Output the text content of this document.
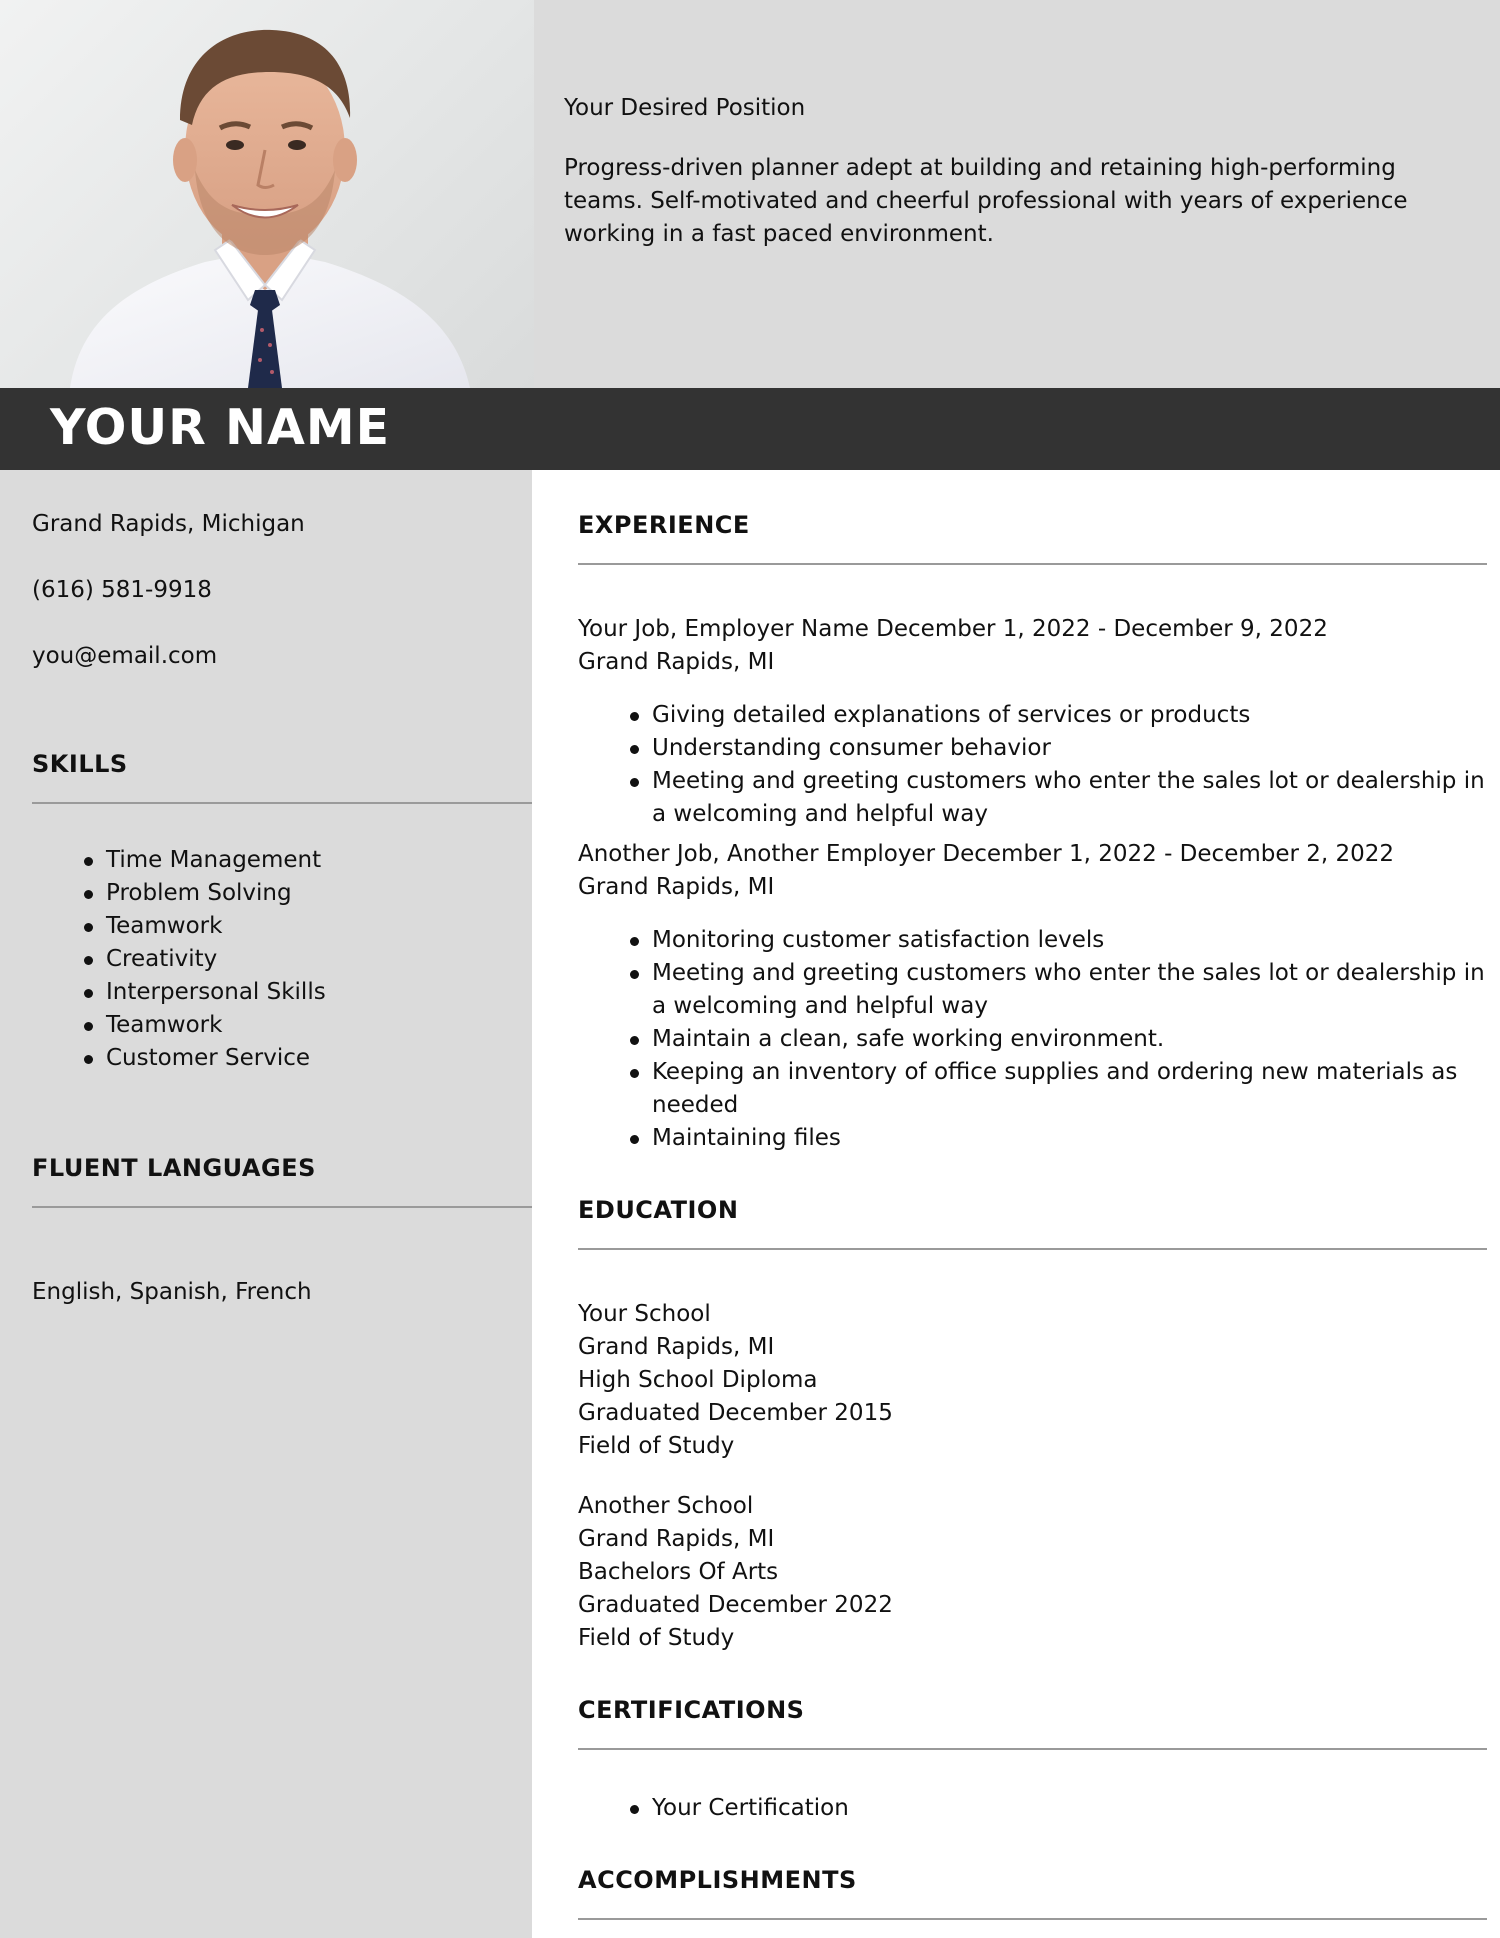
Your Desired Position
Progress-driven planner adept at building and retaining high-performing teams. Self-motivated and cheerful professional with years of experience working in a fast paced environment.
YOUR NAME
Grand Rapids, Michigan
(616) 581-9918
you@email.com
SKILLS
Time Management
Problem Solving
Teamwork
Creativity
Interpersonal Skills
Teamwork
Customer Service
FLUENT LANGUAGES
English, Spanish, French
EXPERIENCE
Your Job, Employer Name December 1, 2022 - December 9, 2022
Grand Rapids, MI
Giving detailed explanations of services or products
Understanding consumer behavior
Meeting and greeting customers who enter the sales lot or dealership in a welcoming and helpful way
Another Job, Another Employer December 1, 2022 - December 2, 2022
Grand Rapids, MI
Monitoring customer satisfaction levels
Meeting and greeting customers who enter the sales lot or dealership in a welcoming and helpful way
Maintain a clean, safe working environment.
Keeping an inventory of office supplies and ordering new materials as needed
Maintaining files
EDUCATION
Your School
Grand Rapids, MI
High School Diploma
Graduated December 2015
Field of Study
Another School
Grand Rapids, MI
Bachelors Of Arts
Graduated December 2022
Field of Study
CERTIFICATIONS
Your Certification
ACCOMPLISHMENTS
